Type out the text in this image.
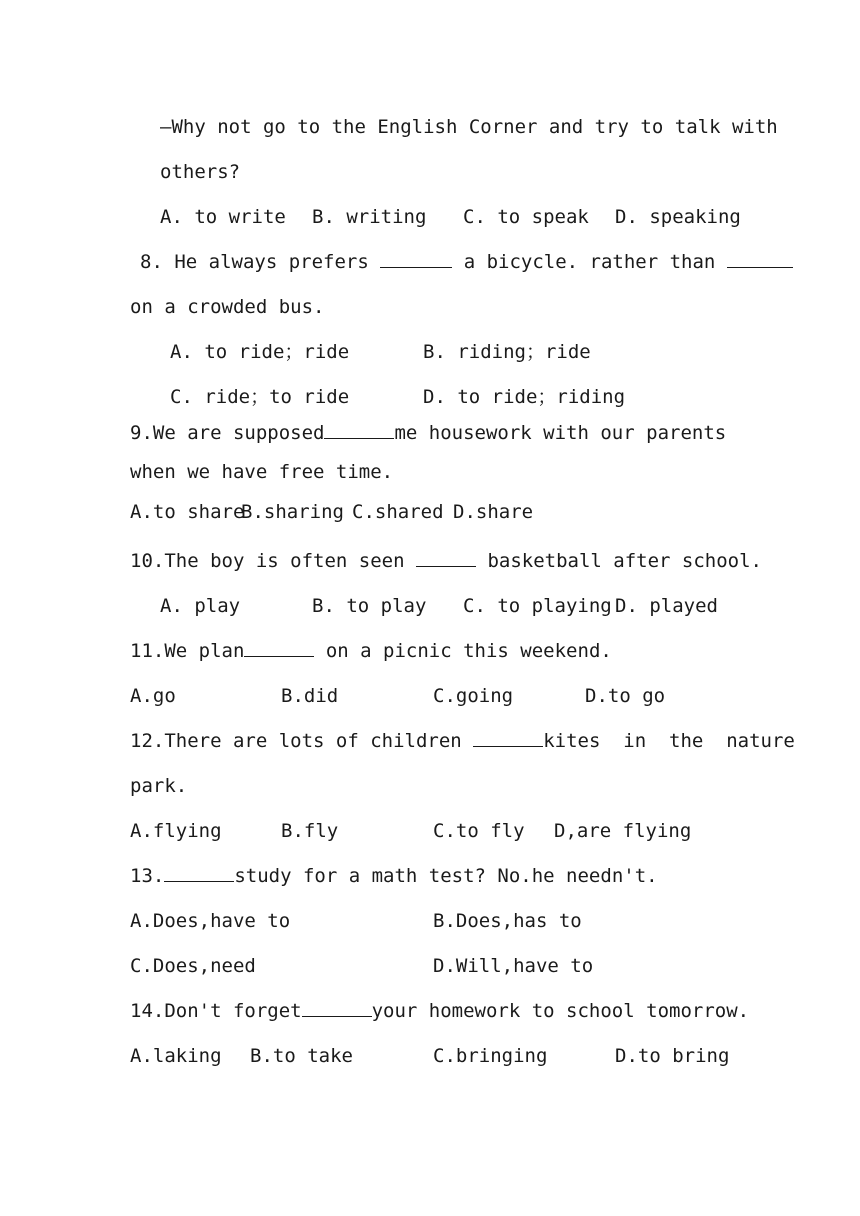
—Why not go to the English Corner and try to talk with
others?
A. to write B. writing C. to speak D. speaking
8. He always prefers	a bicycle. rather than
on a crowded bus.
A. to ride；ride	B. riding；ride
C. ride；to ride	D. to ride；riding
9.We are supposed	me housework with our parents
when we have free time.
A.to share
B.sharing C.shared D.share
10.The boy is often seen	basketball after school.
A. play	B. to play C. to playing D. played
11.We plan	on a picnic this weekend.
A.go	B.did	C.going	D.to go
12.There are lots of children	kites  in  the  nature
park.
A.flying	B.fly	C.to fly D,are flying
13.	study for a math test? No.he needn't.
A.Does,have to	B.Does,has to
C.Does,need	D.Will,have to
14.Don't forget	your homework to school tomorrow.
A.laking B.to take	C.bringing	D.to bring
